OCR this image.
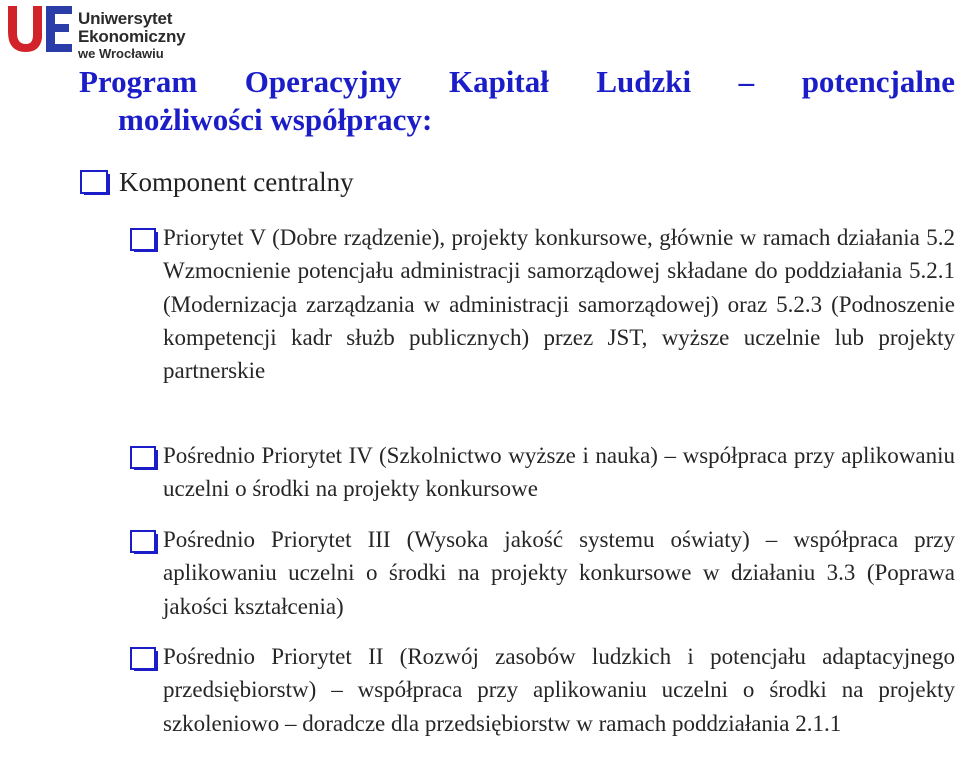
Uniwersytet Ekonomiczny
we Wrocławiu
Program Operacyjny Kapitał Ludzki – potencjalne
możliwości współpracy:
Komponent centralny
Priorytet V (Dobre rządzenie), projekty konkursowe, głównie w ramach działania 5.2 Wzmocnienie potencjału administracji samorządowej składane do poddziałania 5.2.1 (Modernizacja zarządzania w administracji samorządowej) oraz 5.2.3 (Podnoszenie kompetencji kadr służb publicznych) przez JST, wyższe uczelnie lub projekty partnerskie
Pośrednio Priorytet IV (Szkolnictwo wyższe i nauka) – współpraca przy aplikowaniu uczelni o środki na projekty konkursowe
Pośrednio Priorytet III (Wysoka jakość systemu oświaty) – współpraca przy aplikowaniu uczelni o środki na projekty konkursowe w działaniu 3.3 (Poprawa jakości kształcenia)
Pośrednio Priorytet II (Rozwój zasobów ludzkich i potencjału adaptacyjnego przedsiębiorstw) – współpraca przy aplikowaniu uczelni o środki na projekty szkoleniowo – doradcze dla przedsiębiorstw w ramach poddziałania 2.1.1
